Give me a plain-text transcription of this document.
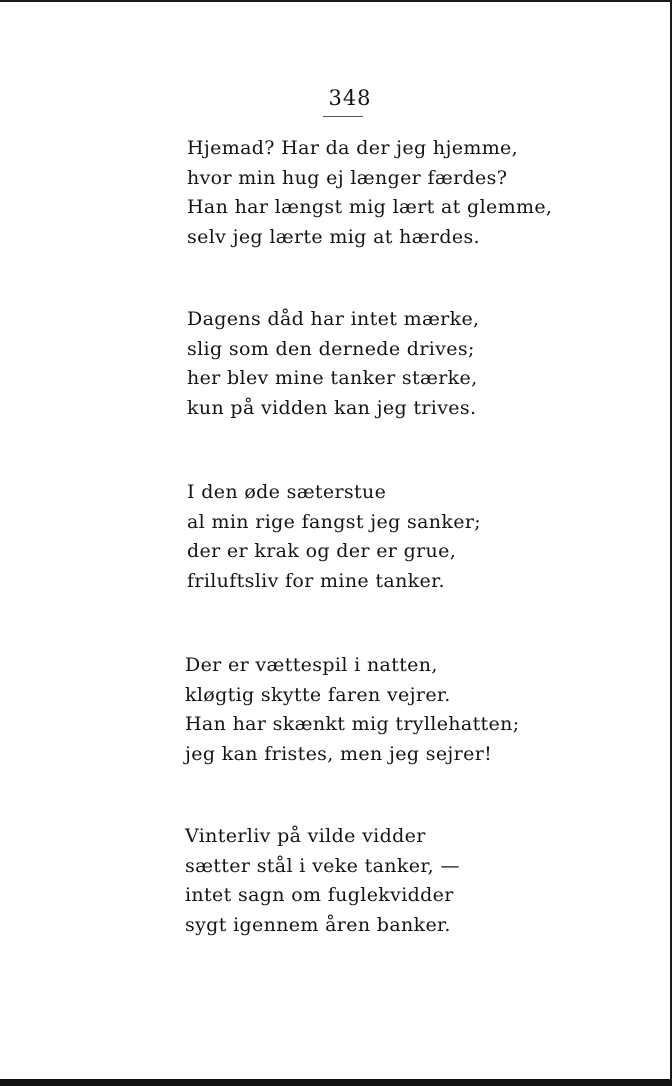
348
Hjemad? Har da der jeg hjemme,
hvor min hug ej længer færdes?
Han har længst mig lært at glemme,
selv jeg lærte mig at hærdes.
Dagens dåd har intet mærke,
slig som den dernede drives;
her blev mine tanker stærke,
kun på vidden kan jeg trives.
I den øde sæterstue
al min rige fangst jeg sanker;
der er krak og der er grue,
friluftsliv for mine tanker.
Der er vættespil i natten,
kløgtig skytte faren vejrer.
Han har skænkt mig tryllehatten;
jeg kan fristes, men jeg sejrer!
Vinterliv på vilde vidder
sætter stål i veke tanker, —
intet sagn om fuglekvidder
sygt igennem åren banker.
